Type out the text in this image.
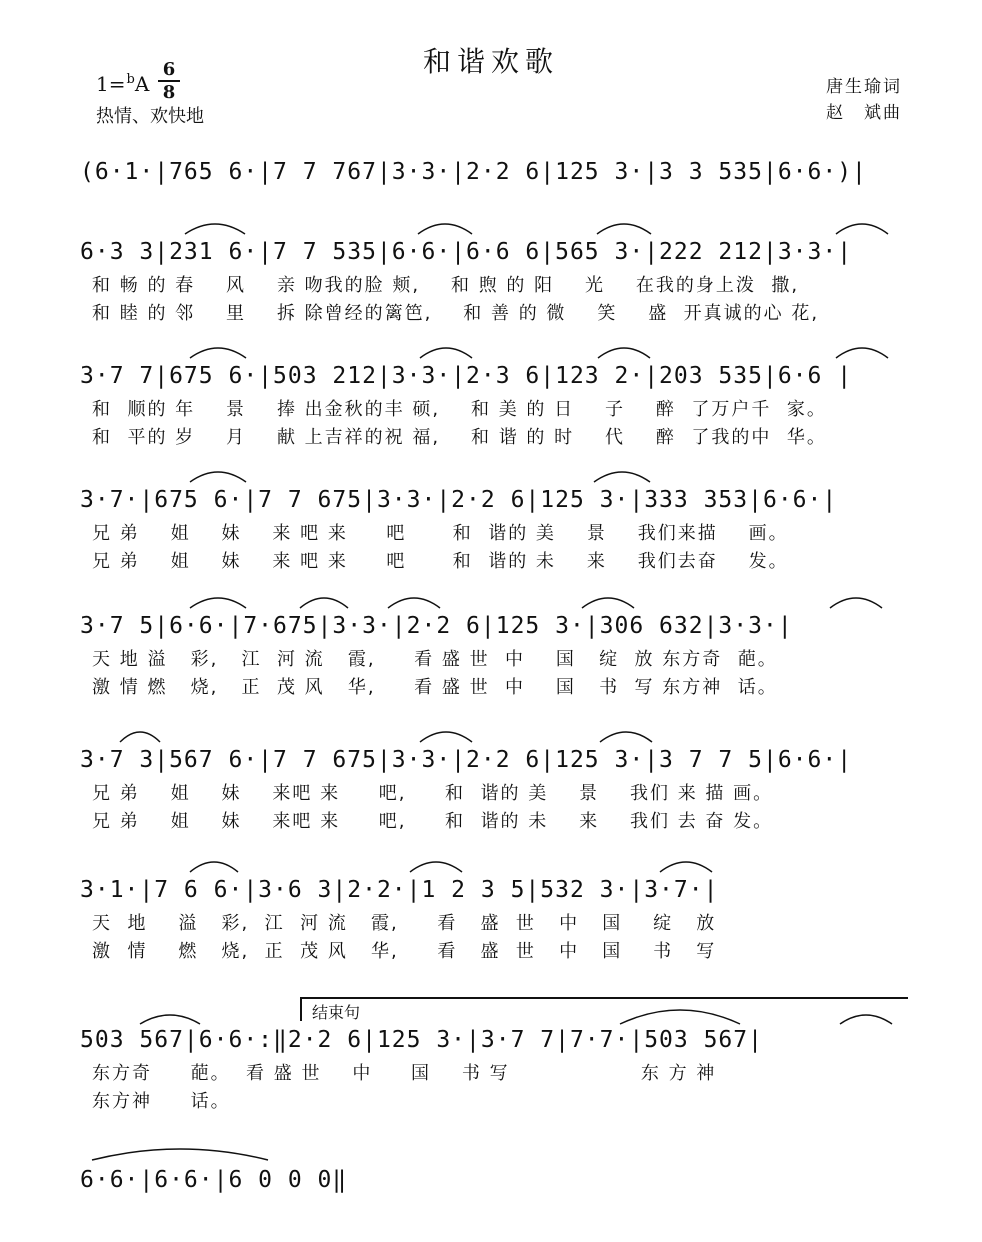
和谐欢歌
1=$^b$A
6
8
热情、欢快地
唐生瑜词
赵　斌曲
(6·1·|765 6·|7 7 767|3·3·|2·2 6|125 3·|3 3 535|6·6·)|
6·3 3|231 6·|7 7 535|6·6·|6·6 6|565 3·|222 212|3·3·|
和 畅 的 春    风    亲 吻我的脸 颊,    和 煦 的 阳    光    在我的身上泼  撒,
和 睦 的 邻    里    拆 除曾经的篱笆,    和 善 的 微    笑    盛  开真诚的心 花,
3·7 7|675 6·|503 212|3·3·|2·3 6|123 2·|203 535|6·6 |
和  顺的 年    景    捧 出金秋的丰 硕,    和 美 的 日    子    醉  了万户千  家。
和  平的 岁    月    献 上吉祥的祝 福,    和 谐 的 时    代    醉  了我的中  华。
3·7·|675 6·|7 7 675|3·3·|2·2 6|125 3·|333 353|6·6·|
兄 弟    姐    妹    来 吧 来     吧      和  谐的 美    景    我们来描    画。
兄 弟    姐    妹    来 吧 来     吧      和  谐的 未    来    我们去奋    发。
3·7 5|6·6·|7·675|3·3·|2·2 6|125 3·|306 632|3·3·|
天 地 溢   彩,   江  河 流   霞,     看 盛 世  中    国   绽  放 东方奇  葩。
激 情 燃   烧,   正  茂 风   华,     看 盛 世  中    国   书  写 东方神  话。
3·7 3|567 6·|7 7 675|3·3·|2·2 6|125 3·|3 7 7 5|6·6·|
兄 弟    姐    妹    来吧 来     吧,     和  谐的 美    景    我们 来 描 画。
兄 弟    姐    妹    来吧 来     吧,     和  谐的 未    来    我们 去 奋 发。
3·1·|7 6 6·|3·6 3|2·2·|1 2 3 5|532 3·|3·7·|
天  地    溢   彩,  江  河 流   霞,     看   盛  世   中   国    绽   放
激  情    燃   烧,  正  茂 风   华,     看   盛  世   中   国    书   写
结束句
503 567|6·6·:‖2·2 6|125 3·|3·7 7|7·7·|503 567|
东方奇     葩。  看 盛 世    中     国    书 写                 东 方 神
东方神     话。
6·6·|6·6·|6 0 0 0‖
